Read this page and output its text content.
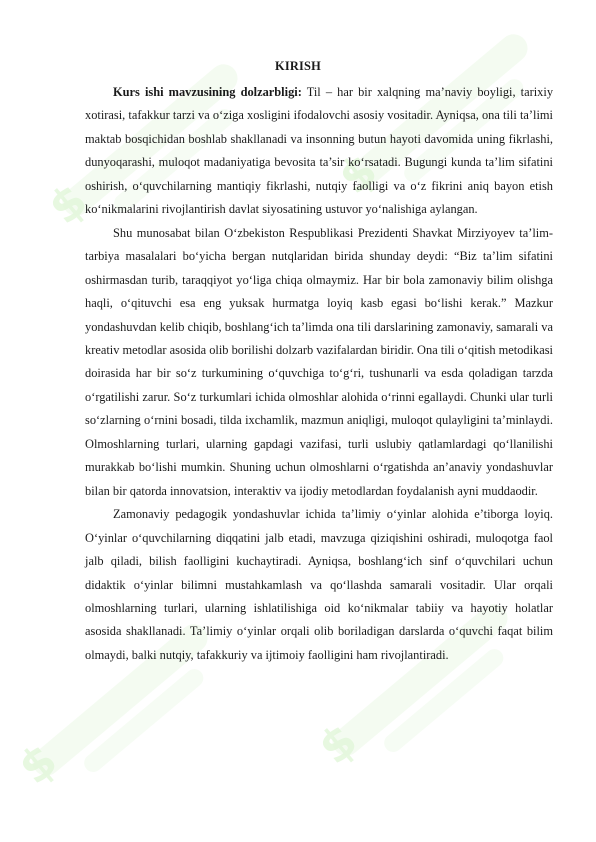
$	$
$	$
KIRISH

Kurs ishi mavzusining dolzarbligi: Til – har bir xalqning ma’naviy boyligi, tarixiy xotirasi, tafakkur tarzi va o‘ziga xosligini ifodalovchi asosiy vositadir. Ayniqsa, ona tili ta’limi maktab bosqichidan boshlab shakllanadi va insonning butun hayoti davomida uning fikrlashi, dunyoqarashi, muloqot madaniyatiga bevosita ta’sir ko‘rsatadi. Bugungi kunda ta’lim sifatini oshirish, o‘quvchilarning mantiqiy fikrlashi, nutqiy faolligi va o‘z fikrini aniq bayon etish ko‘nikmalarini rivojlantirish davlat siyosatining ustuvor yo‘nalishiga aylangan.

Shu munosabat bilan O‘zbekiston Respublikasi Prezidenti Shavkat Mirziyoyev ta’lim-tarbiya masalalari bo‘yicha bergan nutqlaridan birida shunday deydi: “Biz ta’lim sifatini oshirmasdan turib, taraqqiyot yo‘liga chiqa olmaymiz. Har bir bola zamonaviy bilim olishga haqli, o‘qituvchi esa eng yuksak hurmatga loyiq kasb egasi bo‘lishi kerak.” Mazkur yondashuvdan kelib chiqib, boshlang‘ich ta’limda ona tili darslarining zamonaviy, samarali va kreativ metodlar asosida olib borilishi dolzarb vazifalardan biridir. Ona tili o‘qitish metodikasi doirasida har bir so‘z turkumining o‘quvchiga to‘g‘ri, tushunarli va esda qoladigan tarzda o‘rgatilishi zarur. So‘z turkumlari ichida olmoshlar alohida o‘rinni egallaydi. Chunki ular turli so‘zlarning o‘rnini bosadi, tilda ixchamlik, mazmun aniqligi, muloqot qulayligini ta’minlaydi. Olmoshlarning turlari, ularning gapdagi vazifasi, turli uslubiy qatlamlardagi qo‘llanilishi murakkab bo‘lishi mumkin. Shuning uchun olmoshlarni o‘rgatishda an’anaviy yondashuvlar bilan bir qatorda innovatsion, interaktiv va ijodiy metodlardan foydalanish ayni muddaodir.

Zamonaviy pedagogik yondashuvlar ichida ta’limiy o‘yinlar alohida e’tiborga loyiq. O‘yinlar o‘quvchilarning diqqatini jalb etadi, mavzuga qiziqishini oshiradi, muloqotga faol jalb qiladi, bilish faolligini kuchaytiradi. Ayniqsa, boshlang‘ich sinf o‘quvchilari uchun didaktik o‘yinlar bilimni mustahkamlash va qo‘llashda samarali vositadir. Ular orqali olmoshlarning turlari, ularning ishlatilishiga oid ko‘nikmalar tabiiy va hayotiy holatlar asosida shakllanadi. Ta’limiy o‘yinlar orqali olib boriladigan darslarda o‘quvchi faqat bilim olmaydi, balki nutqiy, tafakkuriy va ijtimoiy faolligini ham rivojlantiradi.
